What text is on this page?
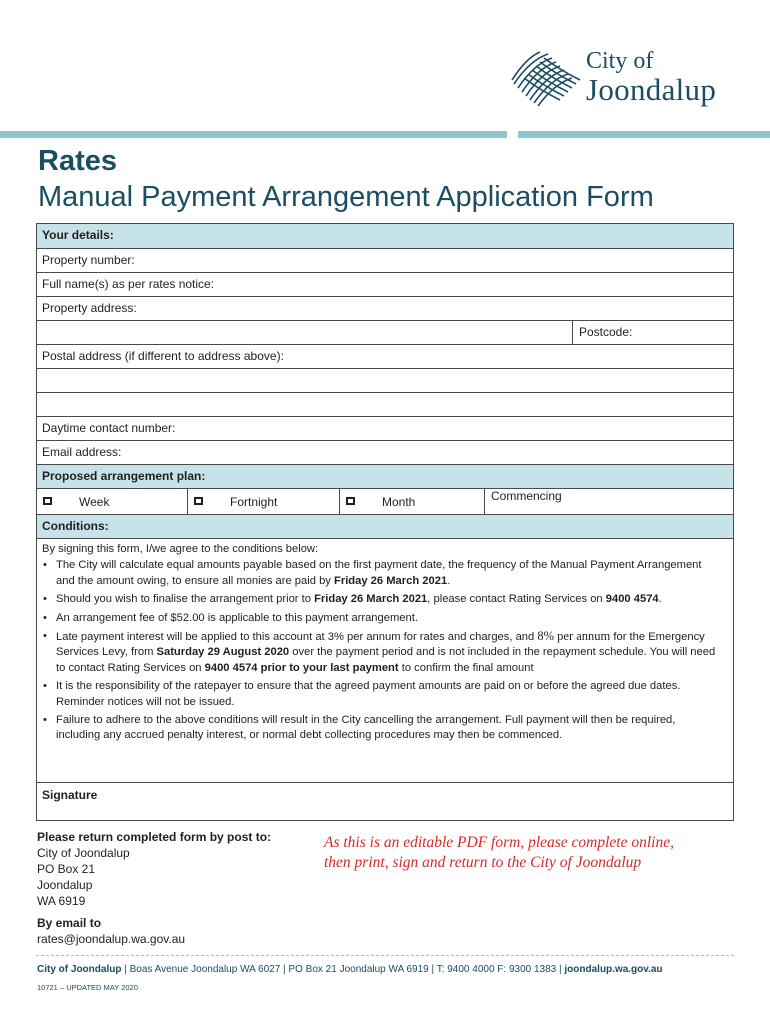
City of
Joondalup
Rates
Manual Payment Arrangement Application Form
Your details:
Property number:
Full name(s) as per rates notice:
Property address:
Postcode:
Postal address (if different to address above):
Daytime contact number:
Email address:
Proposed arrangement plan:
Week	Fortnight	Month	Commencing
Conditions:
By signing this form, I/we agree to the conditions below:
• The City will calculate equal amounts payable based on the first payment date, the frequency of the Manual Payment Arrangement and the amount owing, to ensure all monies are paid by Friday 26 March 2021.
• Should you wish to finalise the arrangement prior to Friday 26 March 2021, please contact Rating Services on 9400 4574.
• An arrangement fee of $52.00 is applicable to this payment arrangement.
• Late payment interest will be applied to this account at 3% per annum for rates and charges, and 8% per annum for the Emergency Services Levy, from Saturday 29 August 2020 over the payment period and is not included in the repayment schedule. You will need to contact Rating Services on 9400 4574 prior to your last payment to confirm the final amount
• It is the responsibility of the ratepayer to ensure that the agreed payment amounts are paid on or before the agreed due dates. Reminder notices will not be issued.
• Failure to adhere to the above conditions will result in the City cancelling the arrangement. Full payment will then be required, including any accrued penalty interest, or normal debt collecting procedures may then be commenced.
Signature
Please return completed form by post to:
City of Joondalup
PO Box 21
Joondalup
WA 6919
By email to
rates@joondalup.wa.gov.au
As this is an editable PDF form, please complete online,
then print, sign and return to the City of Joondalup
City of Joondalup | Boas Avenue Joondalup WA 6027 | PO Box 21 Joondalup WA 6919 | T: 9400 4000 F: 9300 1383 | joondalup.wa.gov.au
10721 – UPDATED MAY 2020
